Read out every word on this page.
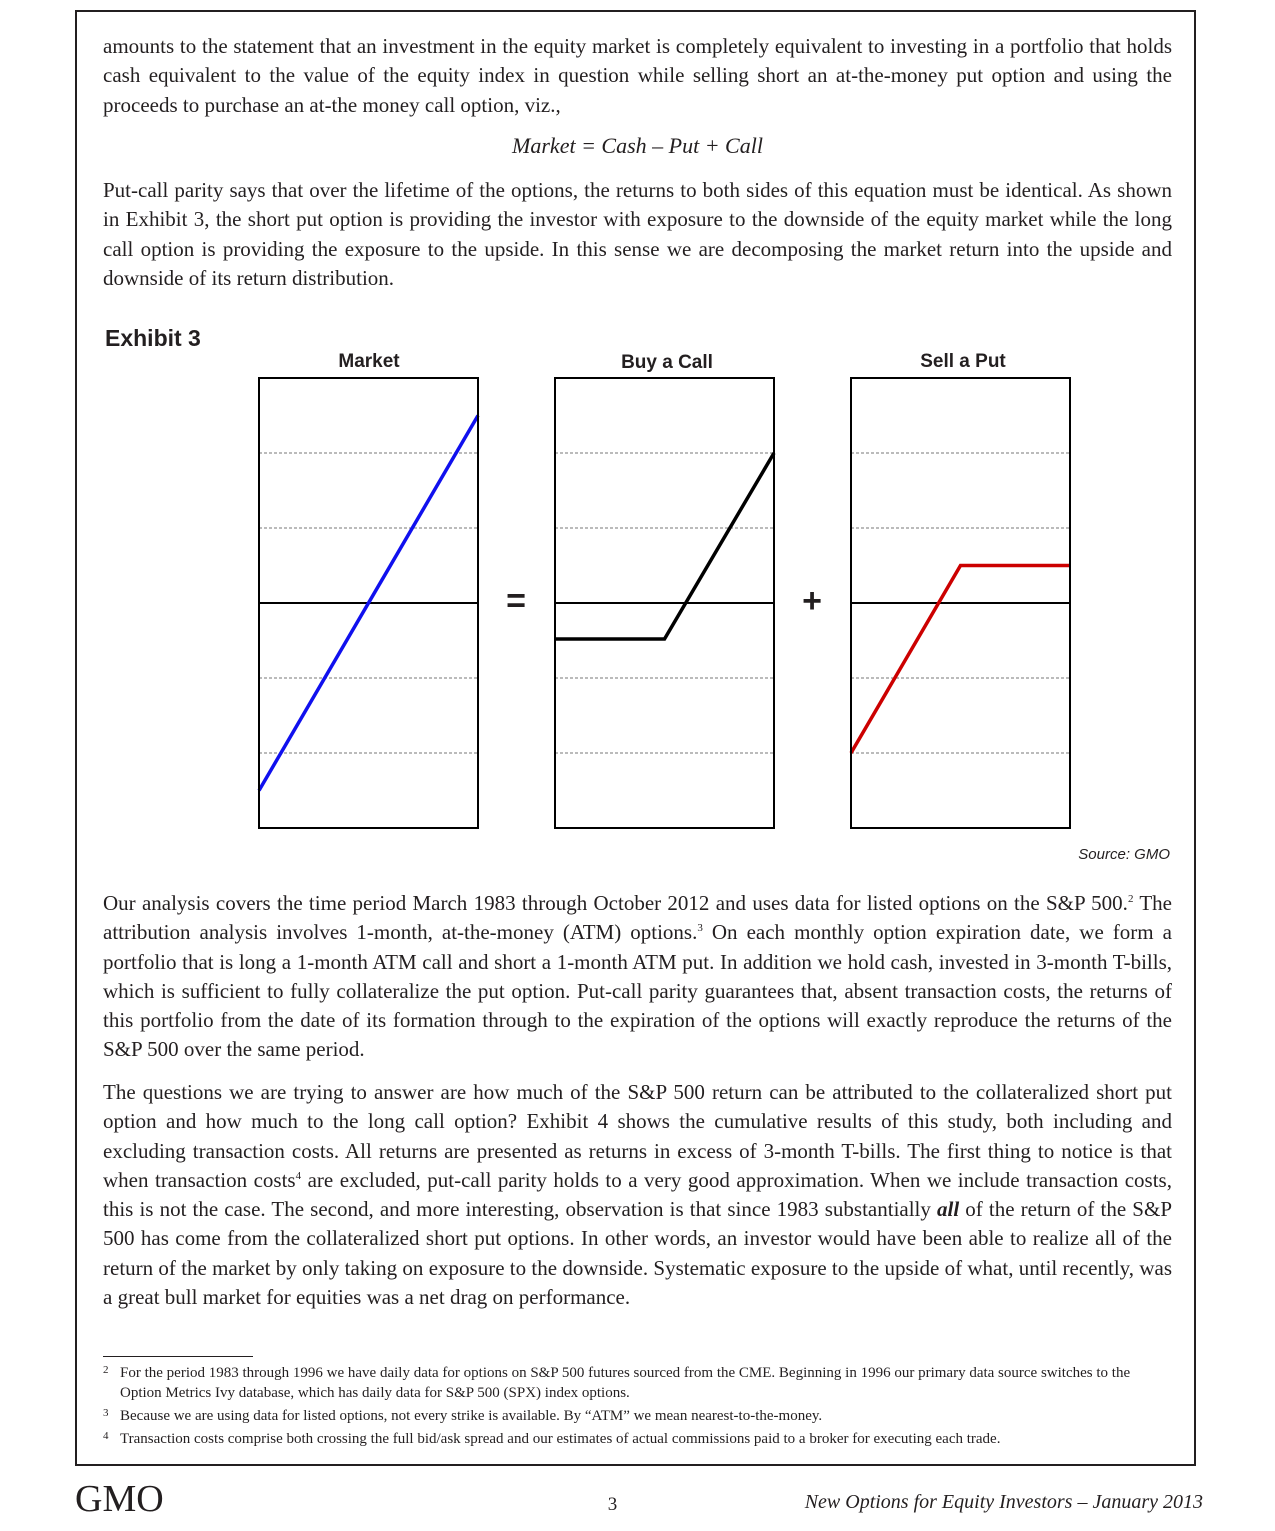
amounts to the statement that an investment in the equity market is completely equivalent to investing in a portfolio that holds cash equivalent to the value of the equity index in question while selling short an at-the-money put option and using the proceeds to purchase an at-the money call option, viz.,

Market = Cash – Put + Call

Put-call parity says that over the lifetime of the options, the returns to both sides of this equation must be identical. As shown in Exhibit 3, the short put option is providing the investor with exposure to the downside of the equity market while the long call option is providing the exposure to the upside. In this sense we are decomposing the market return into the upside and downside of its return distribution.

Exhibit 3
Market	Buy a Call	Sell a Put
=	+
Source: GMO

Our analysis covers the time period March 1983 through October 2012 and uses data for listed options on the S&P 500.$^2$ The attribution analysis involves 1-month, at-the-money (ATM) options.$^3$ On each monthly option expiration date, we form a portfolio that is long a 1-month ATM call and short a 1-month ATM put. In addition we hold cash, invested in 3-month T-bills, which is sufficient to fully collateralize the put option. Put-call parity guarantees that, absent transaction costs, the returns of this portfolio from the date of its formation through to the expiration of the options will exactly reproduce the returns of the S&P 500 over the same period.

The questions we are trying to answer are how much of the S&P 500 return can be attributed to the collateralized short put option and how much to the long call option? Exhibit 4 shows the cumulative results of this study, both including and excluding transaction costs. All returns are presented as returns in excess of 3-month T-bills. The first thing to notice is that when transaction costs$^4$ are excluded, put-call parity holds to a very good approximation. When we include transaction costs, this is not the case. The second, and more interesting, observation is that since 1983 substantially all of the return of the S&P 500 has come from the collateralized short put options. In other words, an investor would have been able to realize all of the return of the market by only taking on exposure to the downside. Systematic exposure to the upside of what, until recently, was a great bull market for equities was a net drag on performance.

2 For the period 1983 through 1996 we have daily data for options on S&P 500 futures sourced from the CME. Beginning in 1996 our primary data source switches to the Option Metrics Ivy database, which has daily data for S&P 500 (SPX) index options.
3 Because we are using data for listed options, not every strike is available. By “ATM” we mean nearest-to-the-money.
4 Transaction costs comprise both crossing the full bid/ask spread and our estimates of actual commissions paid to a broker for executing each trade.
GMO	3	New Options for Equity Investors – January 2013
